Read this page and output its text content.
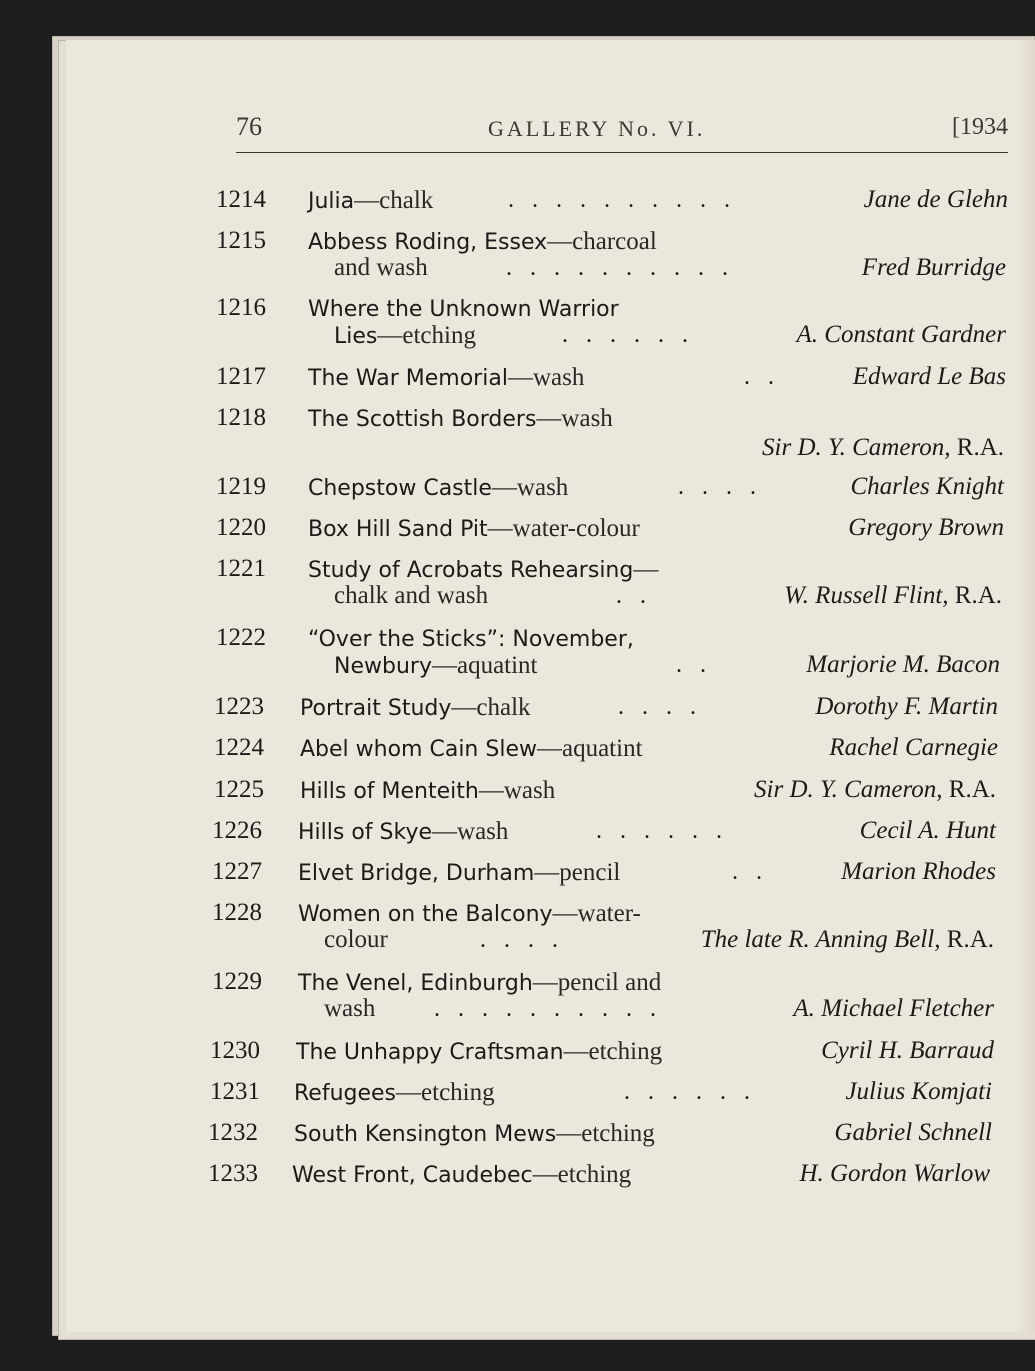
76	GALLERY No. VI.	[1934
1214	Julia—chalk	. . . . . . . . . .	Jane de Glehn
1215	Abbess Roding, Essex—charcoal
and wash	. . . . . . . . . .	Fred Burridge
1216	Where the Unknown Warrior
Lies—etching	. . . . . .	A. Constant Gardner
1217	The War Memorial—wash	. .	Edward Le Bas
1218	The Scottish Borders—wash
Sir D. Y. Cameron, R.A.
1219	Chepstow Castle—wash	. . . .	Charles Knight
1220	Box Hill Sand Pit—water-colour	Gregory Brown
1221	Study of Acrobats Rehearsing—
chalk and wash	. .	W. Russell Flint, R.A.
1222	“Over the Sticks”: November,
Newbury—aquatint	. .	Marjorie M. Bacon
1223	Portrait Study—chalk	. . . .	Dorothy F. Martin
1224	Abel whom Cain Slew—aquatint	Rachel Carnegie
1225	Hills of Menteith—wash	Sir D. Y. Cameron, R.A.
1226	Hills of Skye—wash	. . . . . .	Cecil A. Hunt
1227	Elvet Bridge, Durham—pencil	. .	Marion Rhodes
1228	Women on the Balcony—water-
colour	. . . .	The late R. Anning Bell, R.A.
1229	The Venel, Edinburgh—pencil and
wash . . . . . . . . . .	A. Michael Fletcher
1230	The Unhappy Craftsman—etching	Cyril H. Barraud
1231	Refugees—etching	. . . . . .	Julius Komjati
1232	South Kensington Mews—etching	Gabriel Schnell
1233	West Front, Caudebec—etching	H. Gordon Warlow
